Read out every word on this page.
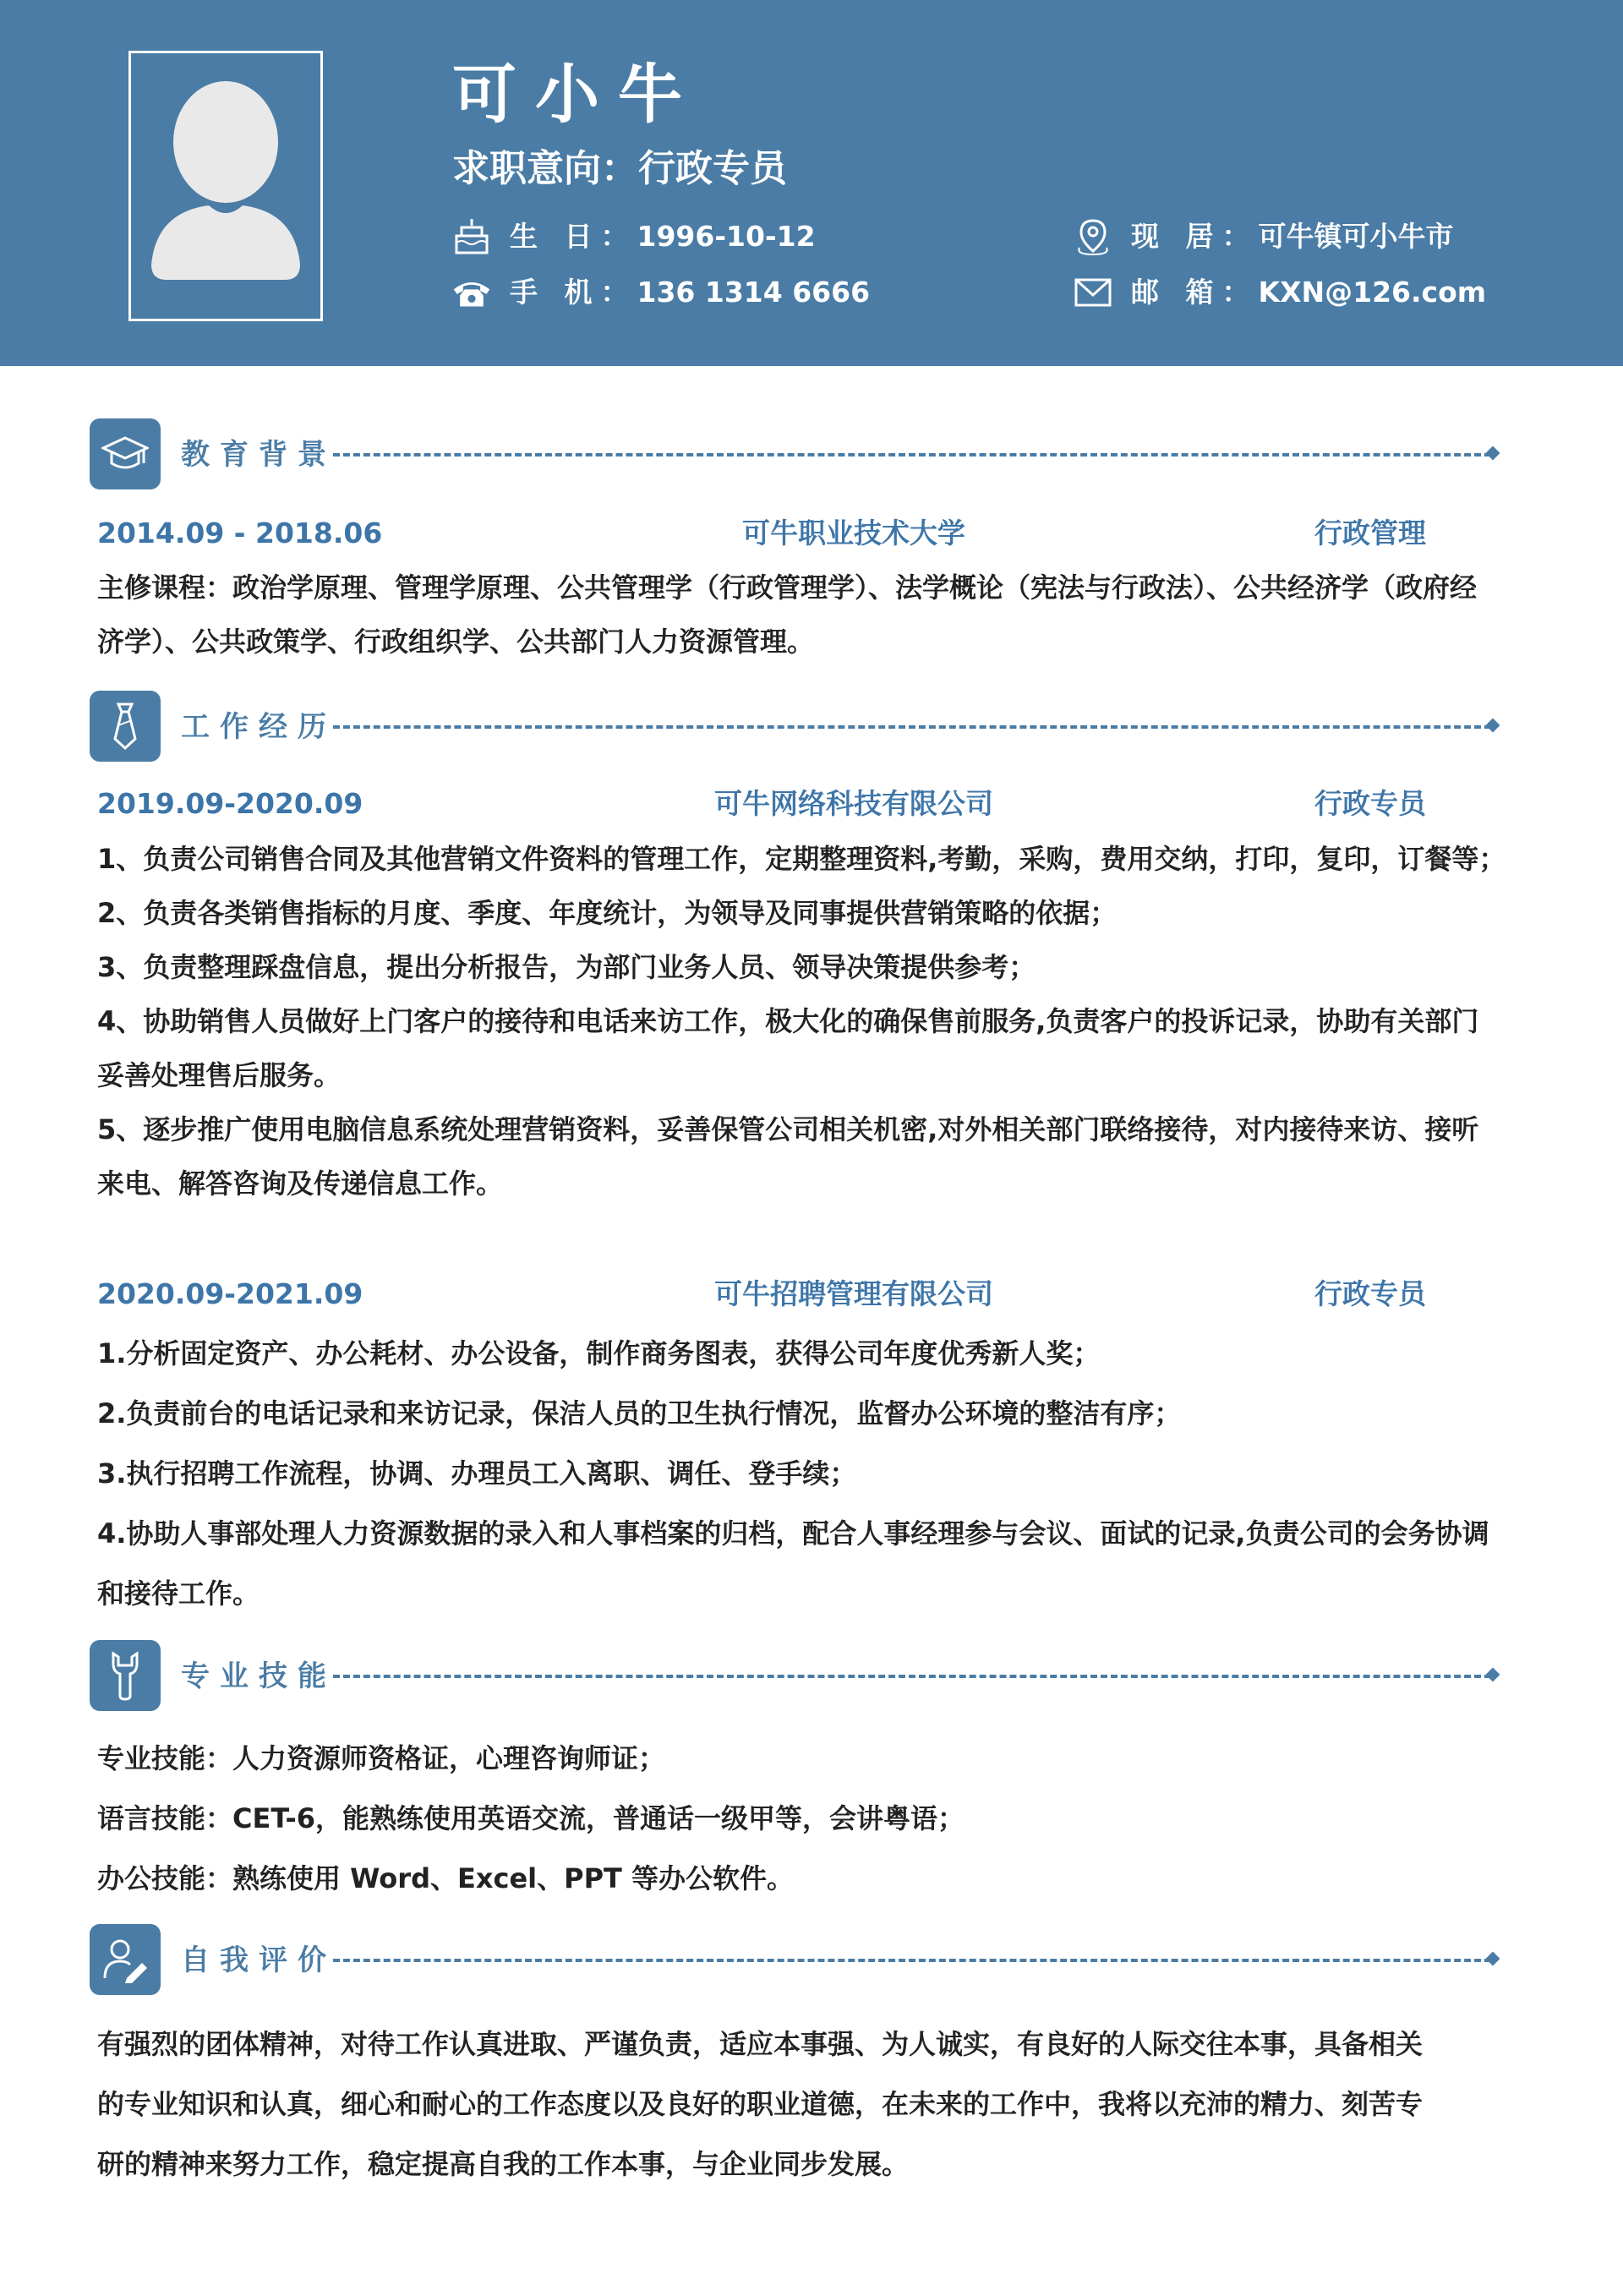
可小牛
求职意向：行政专员
生 日： 1996-10-12
手 机： 136 1314 6666
现 居： 可牛镇可小牛市
邮 箱： KXN@126.com
教育背景
2014.09 - 2018.06	可牛职业技术大学	行政管理

主修课程：政治学原理、管理学原理、公共管理学（行政管理学）、法学概论（宪法与行政法）、公共经济学（政府经

济学）、公共政策学、行政组织学、公共部门人力资源管理。

工作经历
2019.09-2020.09	可牛网络科技有限公司	行政专员

1、负责公司销售合同及其他营销文件资料的管理工作，定期整理资料,考勤，采购，费用交纳，打印，复印，订餐等；

2、负责各类销售指标的月度、季度、年度统计，为领导及同事提供营销策略的依据；

3、负责整理踩盘信息，提出分析报告，为部门业务人员、领导决策提供参考；

4、协助销售人员做好上门客户的接待和电话来访工作，极大化的确保售前服务,负责客户的投诉记录，协助有关部门

妥善处理售后服务。

5、逐步推广使用电脑信息系统处理营销资料，妥善保管公司相关机密,对外相关部门联络接待，对内接待来访、接听

来电、解答咨询及传递信息工作。

2020.09-2021.09	可牛招聘管理有限公司	行政专员

1.分析固定资产、办公耗材、办公设备，制作商务图表，获得公司年度优秀新人奖；

2.负责前台的电话记录和来访记录，保洁人员的卫生执行情况，监督办公环境的整洁有序；

3.执行招聘工作流程，协调、办理员工入离职、调任、登手续；

4.协助人事部处理人力资源数据的录入和人事档案的归档，配合人事经理参与会议、面试的记录,负责公司的会务协调

和接待工作。

专业技能

专业技能：人力资源师资格证，心理咨询师证；

语言技能：CET-6，能熟练使用英语交流，普通话一级甲等，会讲粤语；

办公技能：熟练使用 Word、Excel、PPT 等办公软件。

自我评价

有强烈的团体精神，对待工作认真进取、严谨负责，适应本事强、为人诚实，有良好的人际交往本事，具备相关

的专业知识和认真，细心和耐心的工作态度以及良好的职业道德，在未来的工作中，我将以充沛的精力、刻苦专

研的精神来努力工作，稳定提高自我的工作本事，与企业同步发展。
